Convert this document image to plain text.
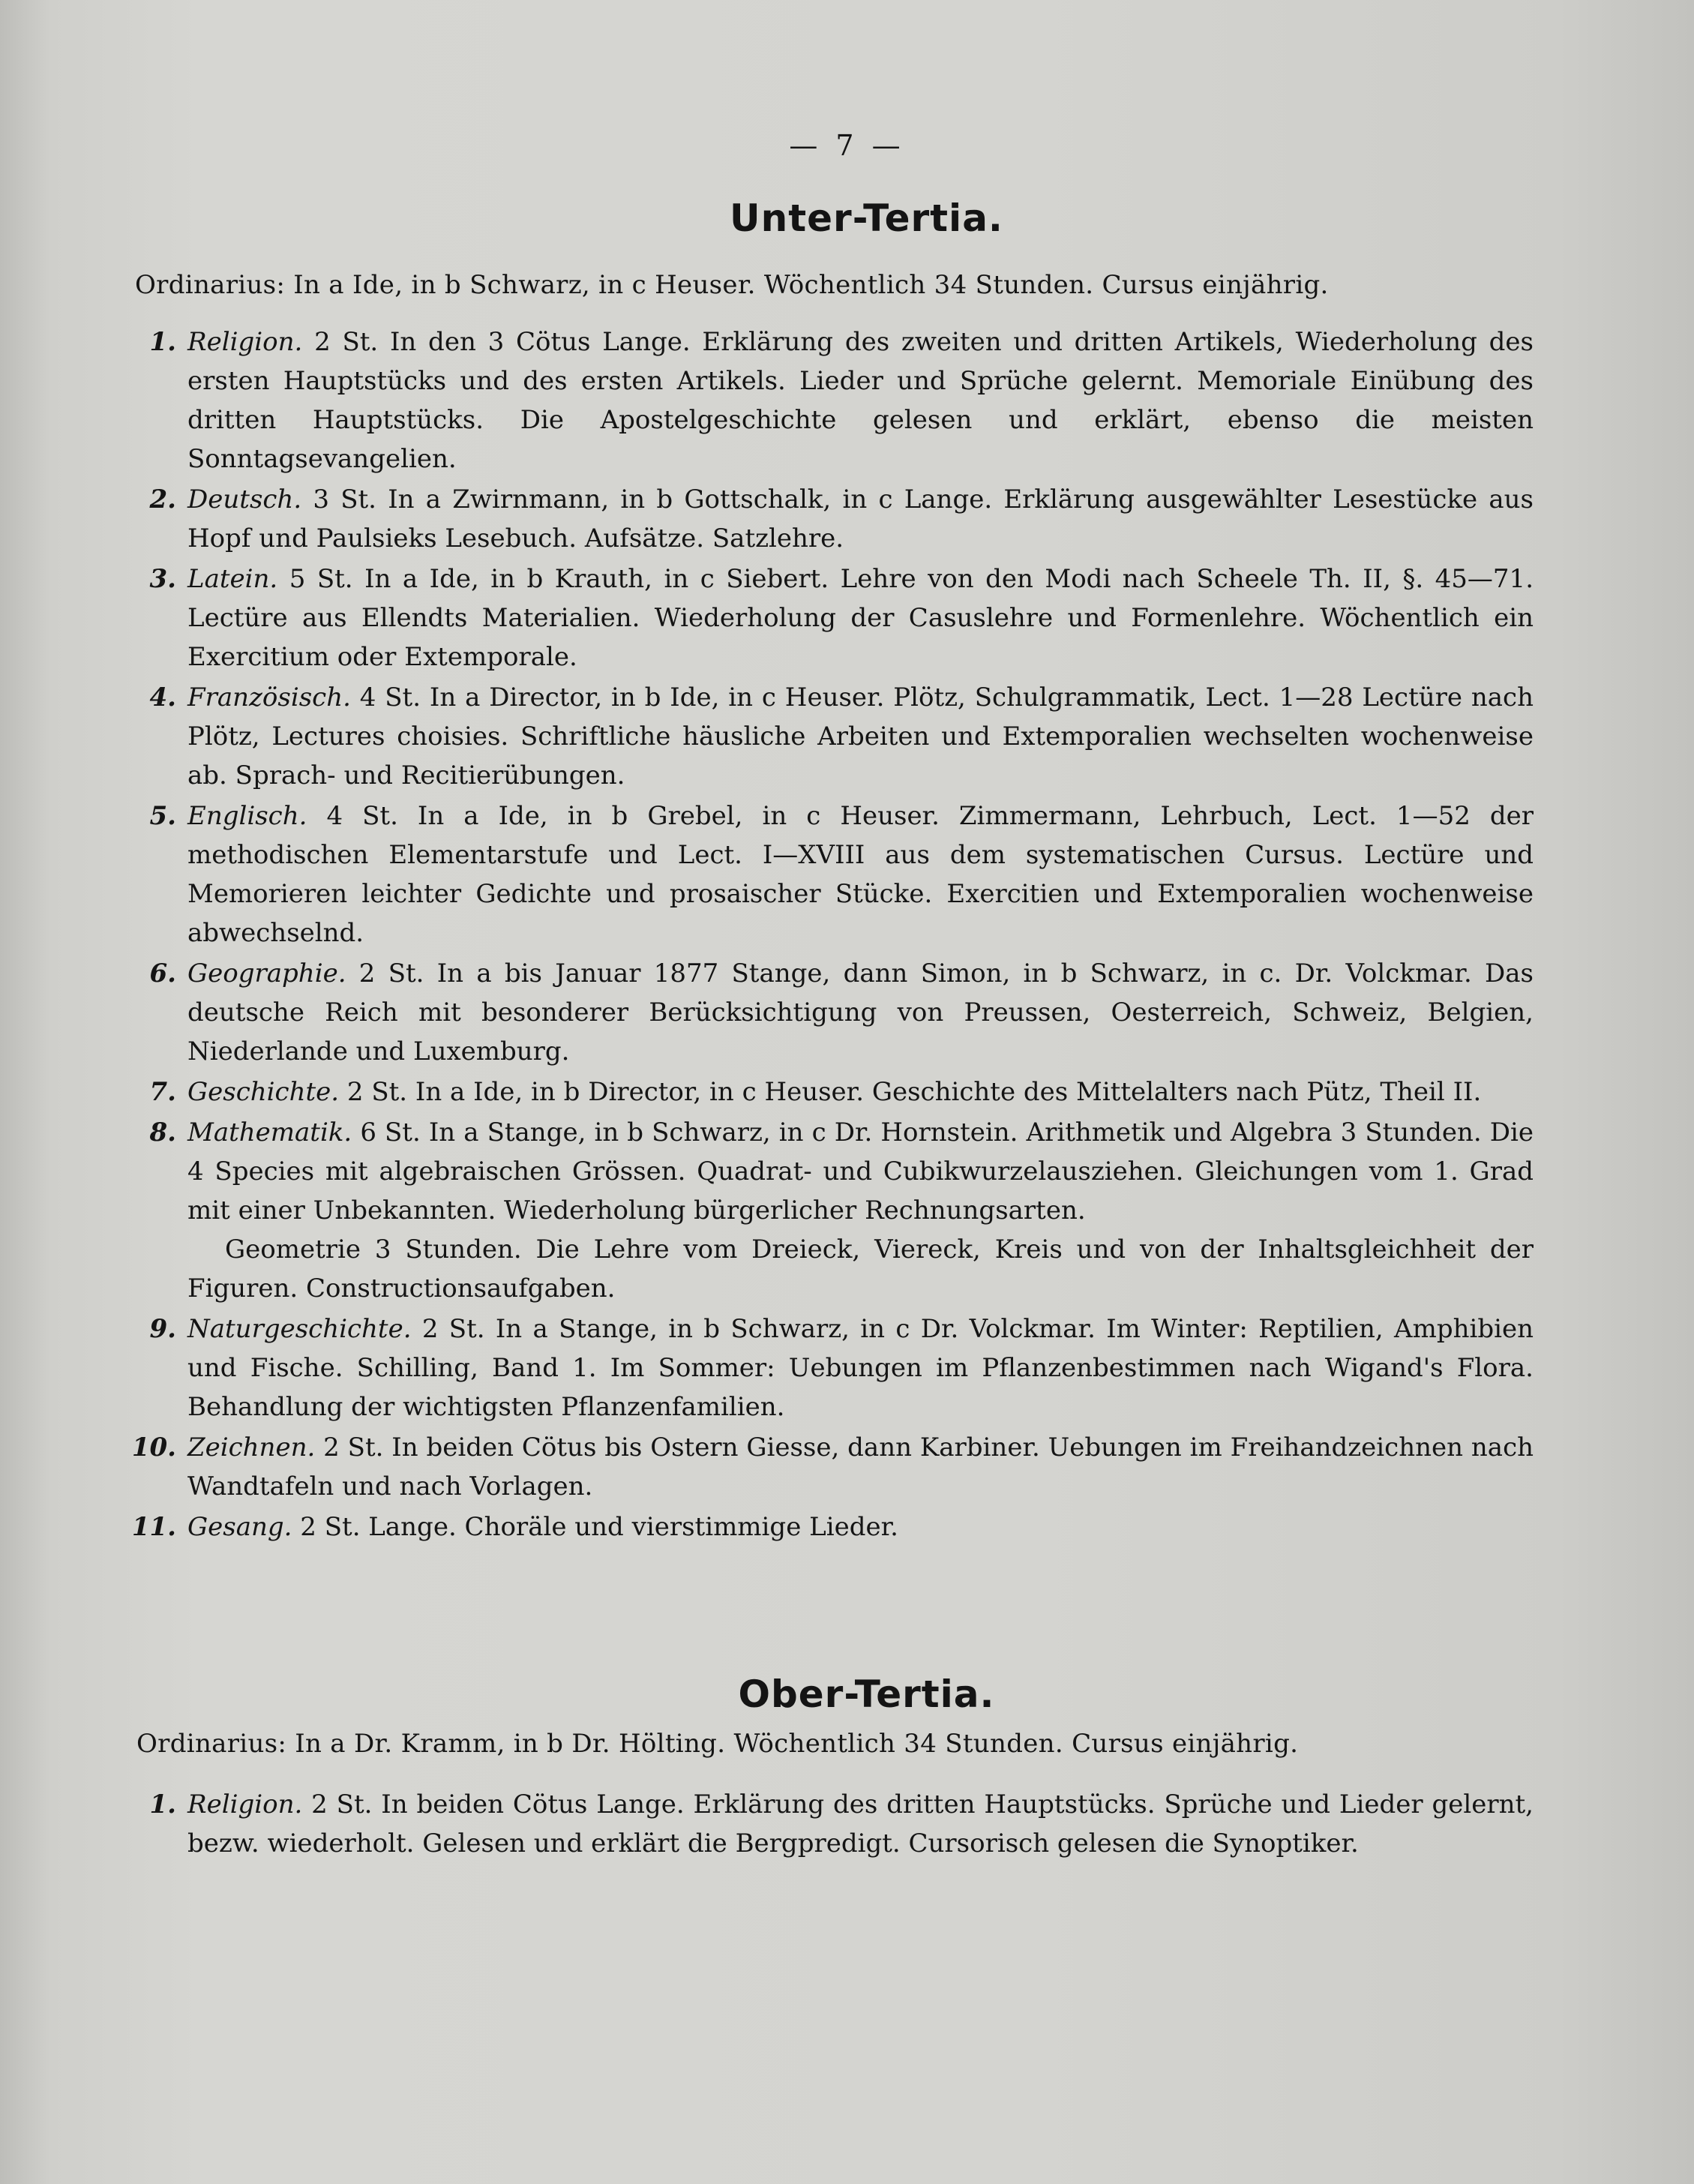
— 7 —
Unter-Tertia.
Ordinarius: In a Ide, in b Schwarz, in c Heuser. Wöchentlich 34 Stunden. Cursus einjährig.
1. Religion. 2 St. In den 3 Cötus Lange. Erklärung des zweiten und dritten Artikels, Wiederholung des ersten Hauptstücks und des ersten Artikels. Lieder und Sprüche gelernt. Memoriale Einübung des dritten Hauptstücks. Die Apostelgeschichte gelesen und erklärt, ebenso die meisten Sonntagsevangelien.
2. Deutsch. 3 St. In a Zwirnmann, in b Gottschalk, in c Lange. Erklärung ausgewählter Lesestücke aus Hopf und Paulsieks Lesebuch. Aufsätze. Satzlehre.
3. Latein. 5 St. In a Ide, in b Krauth, in c Siebert. Lehre von den Modi nach Scheele Th. II, §. 45—71. Lectüre aus Ellendts Materialien. Wiederholung der Casuslehre und Formenlehre. Wöchentlich ein Exercitium oder Extemporale.
4. Französisch. 4 St. In a Director, in b Ide, in c Heuser. Plötz, Schulgrammatik, Lect. 1—28 Lectüre nach Plötz, Lectures choisies. Schriftliche häusliche Arbeiten und Extemporalien wechselten wochenweise ab. Sprach- und Recitierübungen.
5. Englisch. 4 St. In a Ide, in b Grebel, in c Heuser. Zimmermann, Lehrbuch, Lect. 1—52 der methodischen Elementarstufe und Lect. I—XVIII aus dem systematischen Cursus. Lectüre und Memorieren leichter Gedichte und prosaischer Stücke. Exercitien und Extemporalien wochenweise abwechselnd.
6. Geographie. 2 St. In a bis Januar 1877 Stange, dann Simon, in b Schwarz, in c. Dr. Volckmar. Das deutsche Reich mit besonderer Berücksichtigung von Preussen, Oesterreich, Schweiz, Belgien, Niederlande und Luxemburg.
7. Geschichte. 2 St. In a Ide, in b Director, in c Heuser. Geschichte des Mittelalters nach Pütz, Theil II.
8. Mathematik. 6 St. In a Stange, in b Schwarz, in c Dr. Hornstein. Arithmetik und Algebra 3 Stunden. Die 4 Species mit algebraischen Grössen. Quadrat- und Cubikwurzelausziehen. Gleichungen vom 1. Grad mit einer Unbekannten. Wiederholung bürgerlicher Rechnungsarten.
Geometrie 3 Stunden. Die Lehre vom Dreieck, Viereck, Kreis und von der Inhaltsgleichheit der Figuren. Constructionsaufgaben.
9. Naturgeschichte. 2 St. In a Stange, in b Schwarz, in c Dr. Volckmar. Im Winter: Reptilien, Amphibien und Fische. Schilling, Band 1. Im Sommer: Uebungen im Pflanzenbestimmen nach Wigand's Flora. Behandlung der wichtigsten Pflanzenfamilien.
10. Zeichnen. 2 St. In beiden Cötus bis Ostern Giesse, dann Karbiner. Uebungen im Freihandzeichnen nach Wandtafeln und nach Vorlagen.
11. Gesang. 2 St. Lange. Choräle und vierstimmige Lieder.
Ober-Tertia.
Ordinarius: In a Dr. Kramm, in b Dr. Hölting. Wöchentlich 34 Stunden. Cursus einjährig.
1. Religion. 2 St. In beiden Cötus Lange. Erklärung des dritten Hauptstücks. Sprüche und Lieder gelernt, bezw. wiederholt. Gelesen und erklärt die Bergpredigt. Cursorisch gelesen die Synoptiker.
